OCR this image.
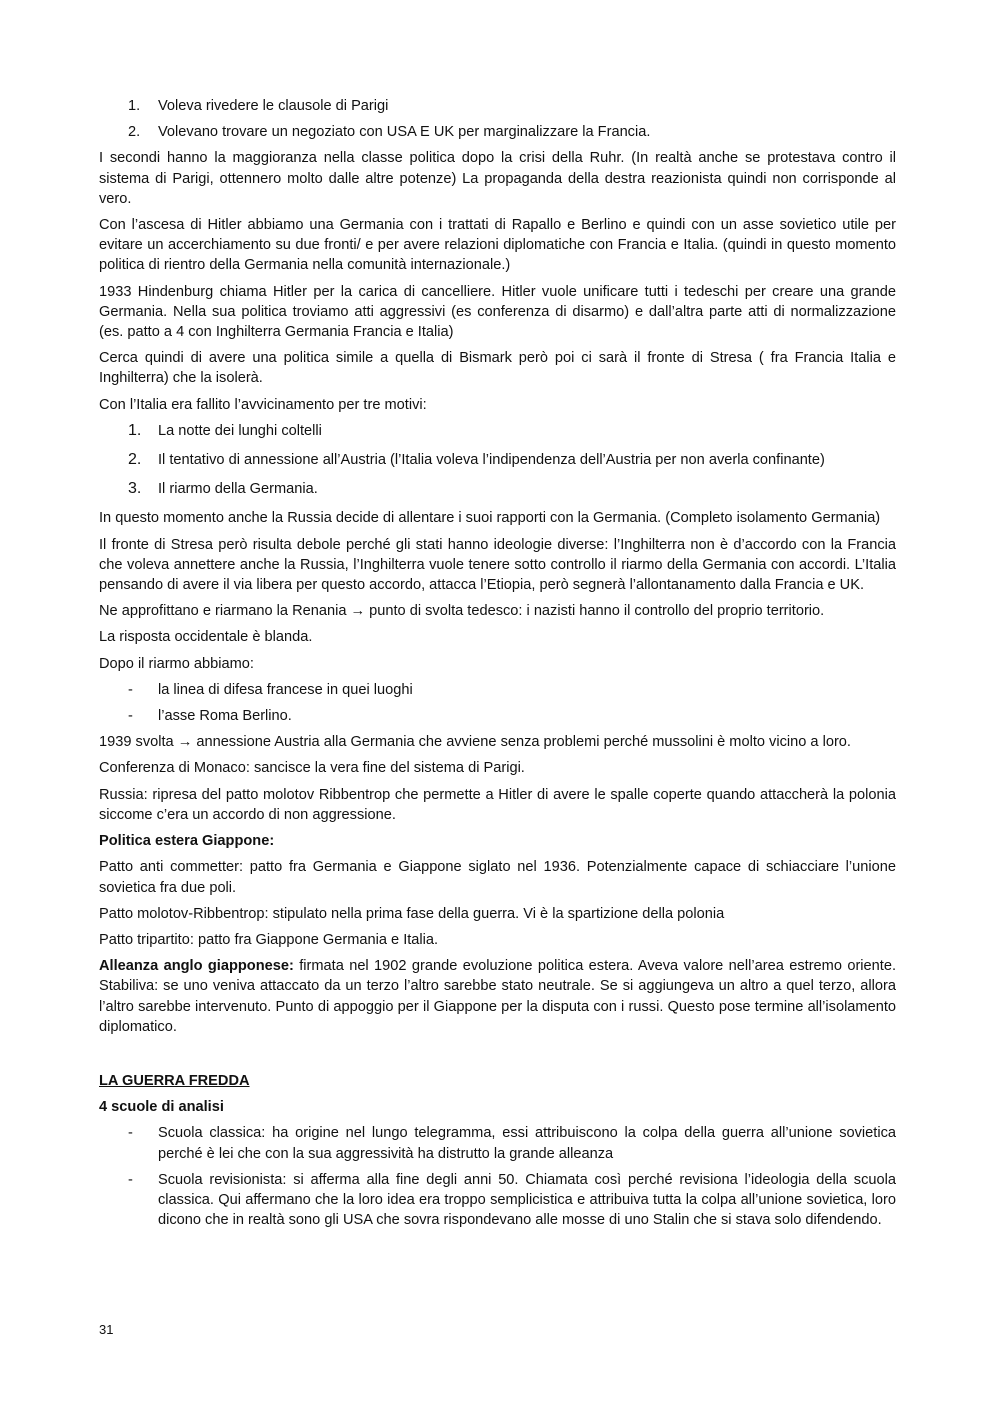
1.	Voleva rivedere le clausole di Parigi
2.	Volevano trovare un negoziato con USA E UK per marginalizzare la Francia.

I secondi hanno la maggioranza nella classe politica dopo la crisi della Ruhr. (In realtà anche se protestava contro il sistema di Parigi, ottennero molto dalle altre potenze) La propaganda della destra reazionista quindi non corrisponde al vero.

Con l’ascesa di Hitler abbiamo una Germania con i trattati di Rapallo e Berlino e quindi con un asse sovietico utile per evitare un accerchiamento su due fronti/ e per avere relazioni diplomatiche con Francia e Italia. (quindi in questo momento politica di rientro della Germania nella comunità internazionale.)

1933 Hindenburg chiama Hitler per la carica di cancelliere. Hitler vuole unificare tutti i tedeschi per creare una grande Germania. Nella sua politica troviamo atti aggressivi (es conferenza di disarmo) e dall’altra parte atti di normalizzazione (es. patto a 4 con Inghilterra Germania Francia e Italia)

Cerca quindi di avere una politica simile a quella di Bismark però poi ci sarà il fronte di Stresa ( fra Francia Italia e Inghilterra) che la isolerà.

Con l’Italia era fallito l’avvicinamento per tre motivi:

1.	La notte dei lunghi coltelli
2.	Il tentativo di annessione all’Austria (l’Italia voleva l’indipendenza dell’Austria per non averla confinante)
3.	Il riarmo della Germania.

In questo momento anche la Russia decide di allentare i suoi rapporti con la Germania. (Completo isolamento Germania)

Il fronte di Stresa però risulta debole perché gli stati hanno ideologie diverse: l’Inghilterra non è d’accordo con la Francia che voleva annettere anche la Russia, l’Inghilterra vuole tenere sotto controllo il riarmo della Germania con accordi. L’Italia pensando di avere il via libera per questo accordo, attacca l’Etiopia, però segnerà l’allontanamento dalla Francia e UK.

Ne approfittano e riarmano la Renania → punto di svolta tedesco: i nazisti hanno il controllo del proprio territorio.

La risposta occidentale è blanda.

Dopo il riarmo abbiamo:

-	la linea di difesa francese in quei luoghi
-	l’asse Roma Berlino.

1939 svolta → annessione Austria alla Germania che avviene senza problemi perché mussolini è molto vicino a loro.

Conferenza di Monaco: sancisce la vera fine del sistema di Parigi.

Russia: ripresa del patto molotov Ribbentrop che permette a Hitler di avere le spalle coperte quando attaccherà la polonia siccome c’era un accordo di non aggressione.

Politica estera Giappone:

Patto anti commetter: patto fra Germania e Giappone siglato nel 1936. Potenzialmente capace di schiacciare l’unione sovietica fra due poli.

Patto molotov-Ribbentrop: stipulato nella prima fase della guerra. Vi è la spartizione della polonia

Patto tripartito: patto fra Giappone Germania e Italia.

Alleanza anglo giapponese: firmata nel 1902 grande evoluzione politica estera. Aveva valore nell’area estremo oriente. Stabiliva: se uno veniva attaccato da un terzo l’altro sarebbe stato neutrale. Se si aggiungeva un altro a quel terzo, allora l’altro sarebbe intervenuto. Punto di appoggio per il Giappone per la disputa con i russi. Questo pose termine all’isolamento diplomatico.

LA GUERRA FREDDA

4 scuole di analisi

-	Scuola classica: ha origine nel lungo telegramma, essi attribuiscono la colpa della guerra all’unione sovietica perché è lei che con la sua aggressività ha distrutto la grande alleanza
-	Scuola revisionista: si afferma alla fine degli anni 50. Chiamata così perché revisiona l’ideologia della scuola classica. Qui affermano che la loro idea era troppo semplicistica e attribuiva tutta la colpa all’unione sovietica, loro dicono che in realtà sono gli USA che sovra rispondevano alle mosse di uno Stalin che si stava solo difendendo.
31
